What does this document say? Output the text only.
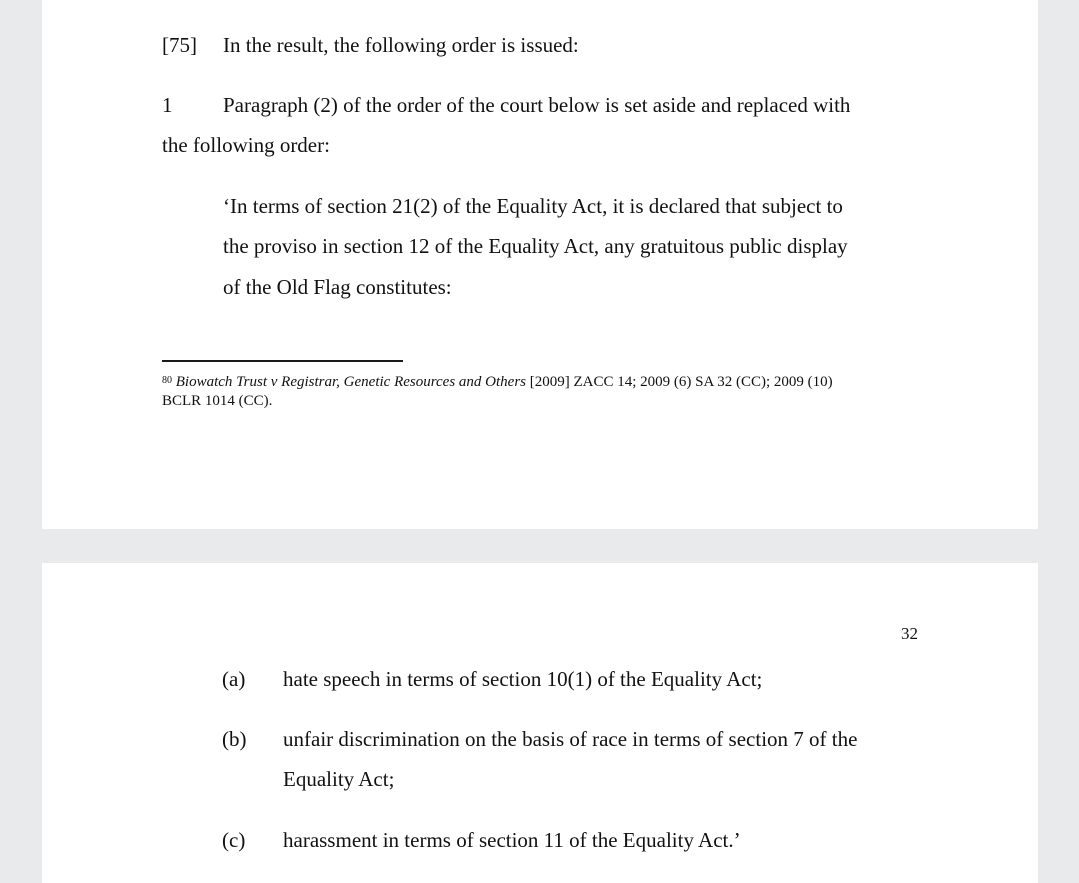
[75] In the result, the following order is issued:
1 Paragraph (2) of the order of the court below is set aside and replaced with
the following order:
‘In terms of section 21(2) of the Equality Act, it is declared that subject to
the proviso in section 12 of the Equality Act, any gratuitous public display
of the Old Flag constitutes:
$^{80}$ Biowatch Trust v Registrar, Genetic Resources and Others [2009] ZACC 14; 2009 (6) SA 32 (CC); 2009 (10)
BCLR 1014 (CC).
32
(a) hate speech in terms of section 10(1) of the Equality Act;
(b) unfair discrimination on the basis of race in terms of section 7 of the
Equality Act;
(c) harassment in terms of section 11 of the Equality Act.’
